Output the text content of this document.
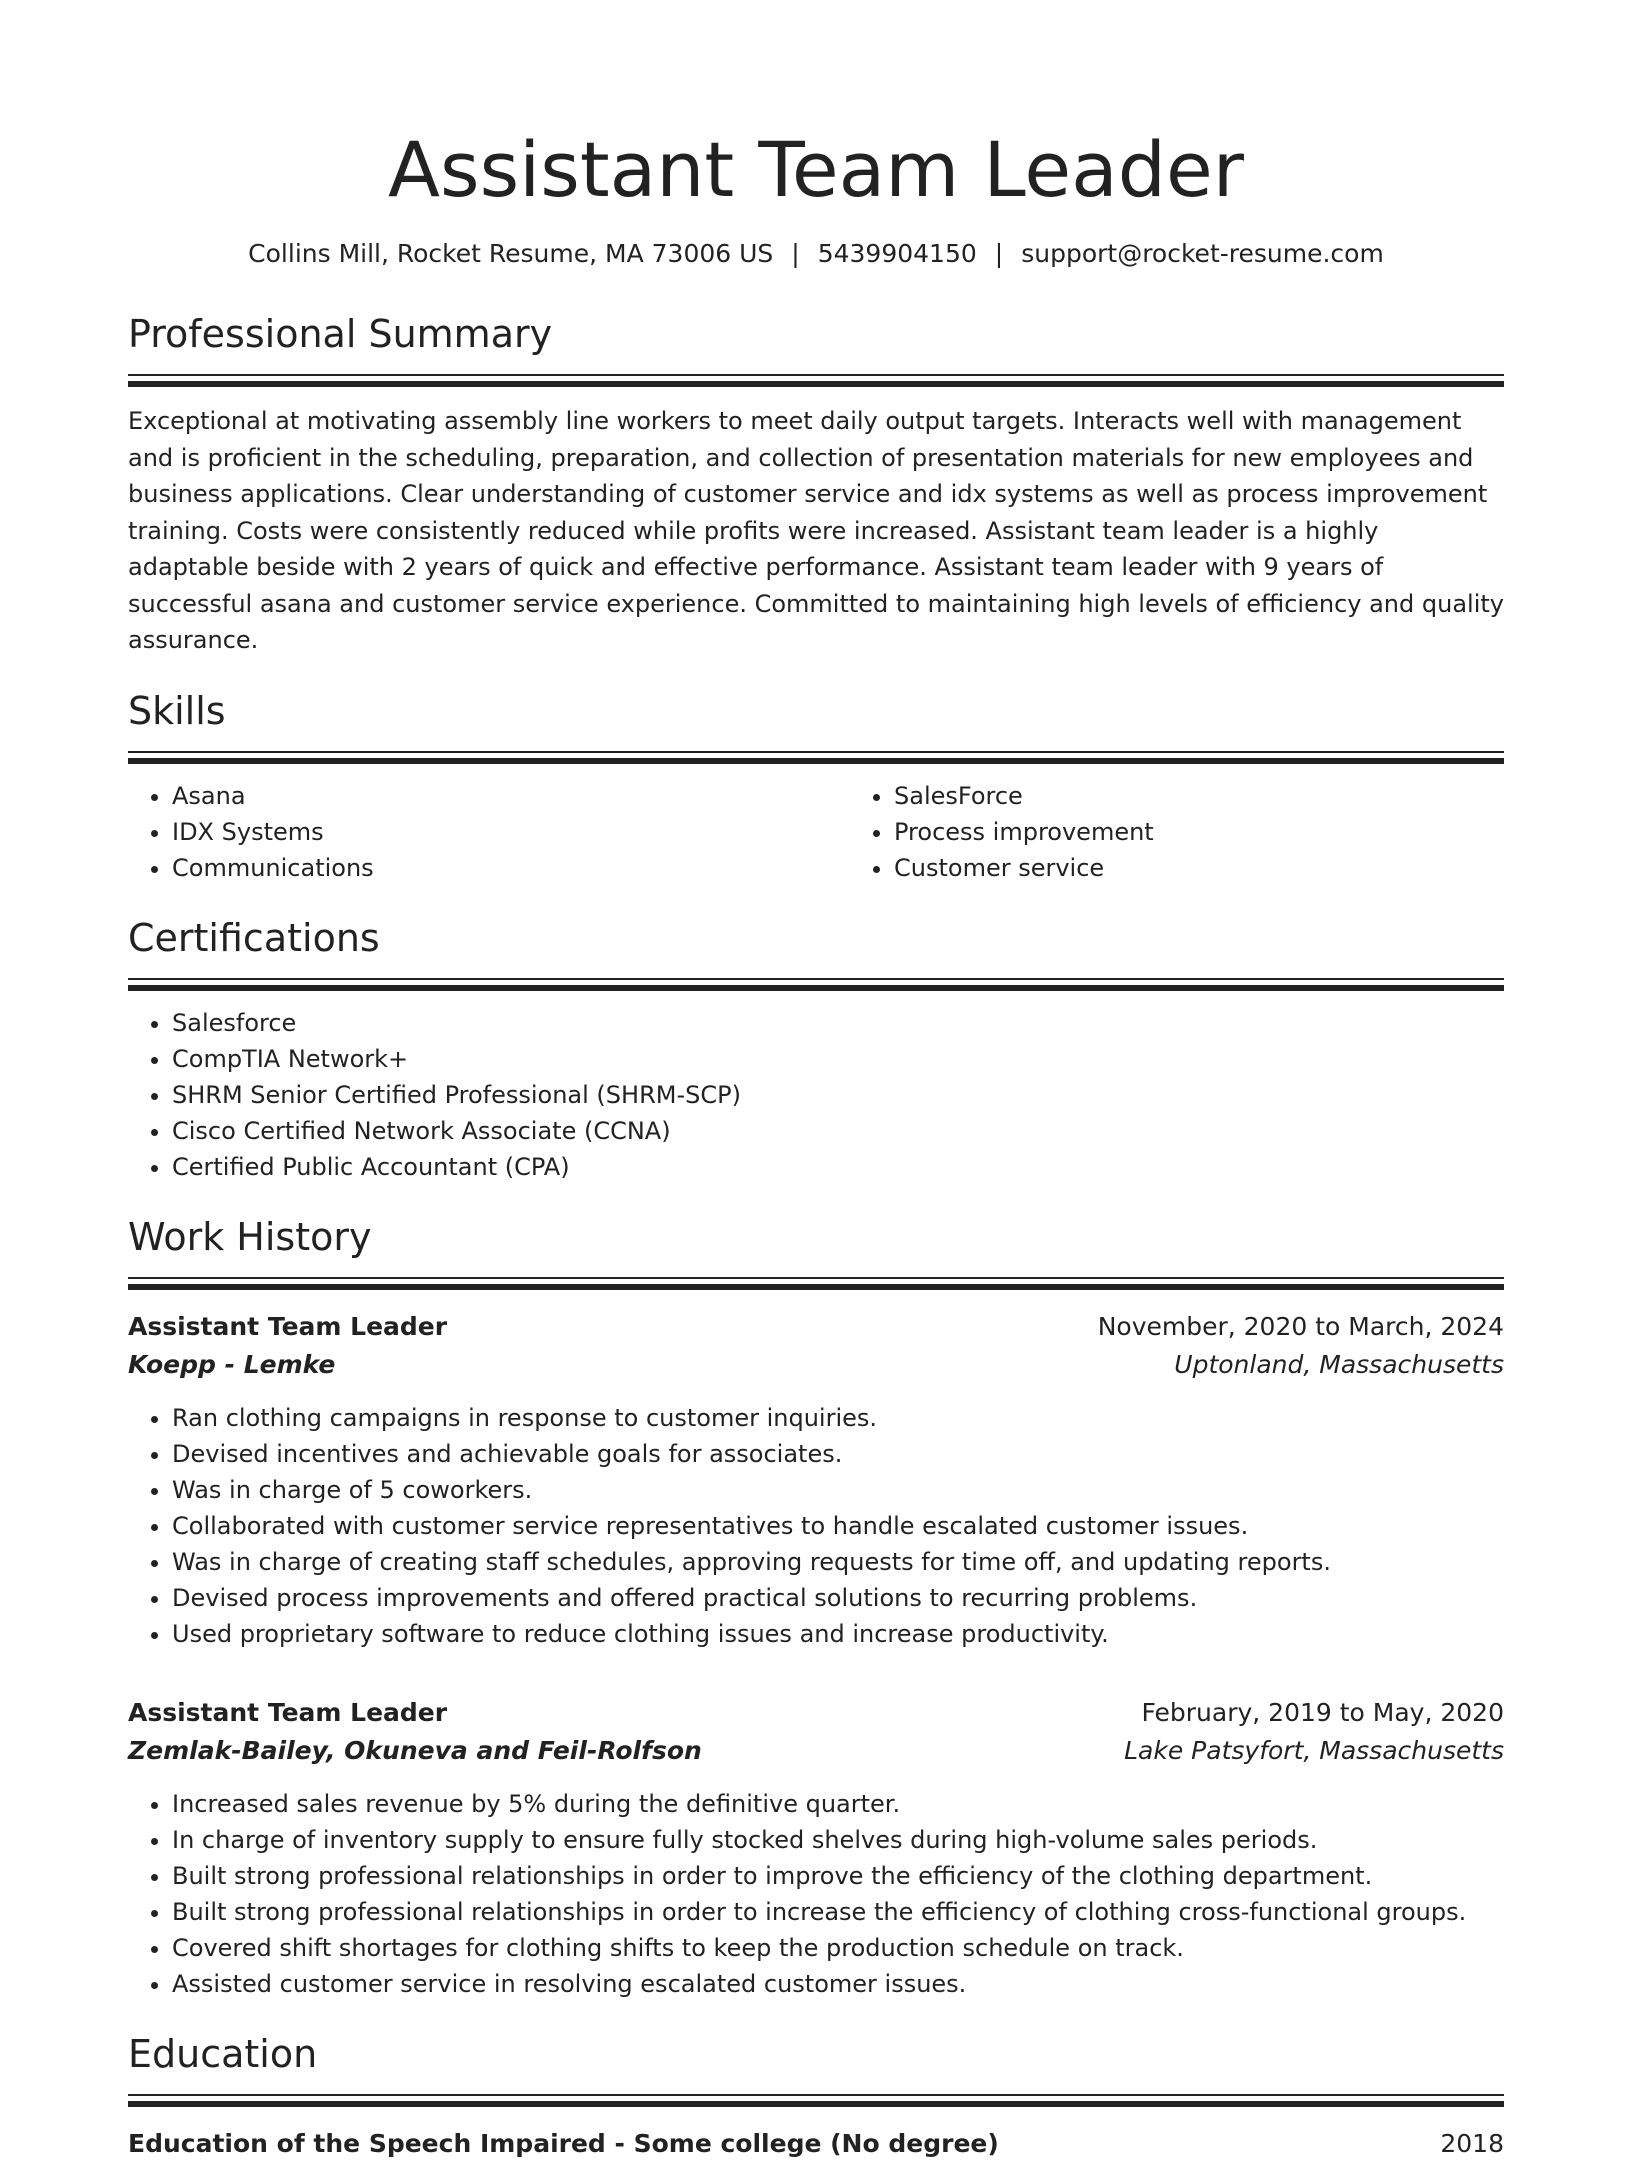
Assistant Team Leader
Collins Mill, Rocket Resume, MA 73006 US | 5439904150 | support@rocket-resume.com
Professional Summary

Exceptional at motivating assembly line workers to meet daily output targets. Interacts well with management and is proficient in the scheduling, preparation, and collection of presentation materials for new employees and business applications. Clear understanding of customer service and idx systems as well as process improvement training. Costs were consistently reduced while profits were increased. Assistant team leader is a highly adaptable beside with 2 years of quick and effective performance. Assistant team leader with 9 years of successful asana and customer service experience. Committed to maintaining high levels of efficiency and quality assurance.

Skills
• Asana
• IDX Systems
• Communications
• SalesForce
• Process improvement
• Customer service
Certifications
• Salesforce
• CompTIA Network+
• SHRM Senior Certified Professional (SHRM-SCP)
• Cisco Certified Network Associate (CCNA)
• Certified Public Accountant (CPA)
Work History
Assistant Team Leader	November, 2020 to March, 2024
Koepp - Lemke	Uptonland, Massachusetts
• Ran clothing campaigns in response to customer inquiries.
• Devised incentives and achievable goals for associates.
• Was in charge of 5 coworkers.
• Collaborated with customer service representatives to handle escalated customer issues.
• Was in charge of creating staff schedules, approving requests for time off, and updating reports.
• Devised process improvements and offered practical solutions to recurring problems.
• Used proprietary software to reduce clothing issues and increase productivity.
Assistant Team Leader	February, 2019 to May, 2020
Zemlak-Bailey, Okuneva and Feil-Rolfson	Lake Patsyfort, Massachusetts
• Increased sales revenue by 5% during the definitive quarter.
• In charge of inventory supply to ensure fully stocked shelves during high-volume sales periods.
• Built strong professional relationships in order to improve the efficiency of the clothing department.
• Built strong professional relationships in order to increase the efficiency of clothing cross-functional groups.
• Covered shift shortages for clothing shifts to keep the production schedule on track.
• Assisted customer service in resolving escalated customer issues.
Education
Education of the Speech Impaired - Some college (No degree)	2018
